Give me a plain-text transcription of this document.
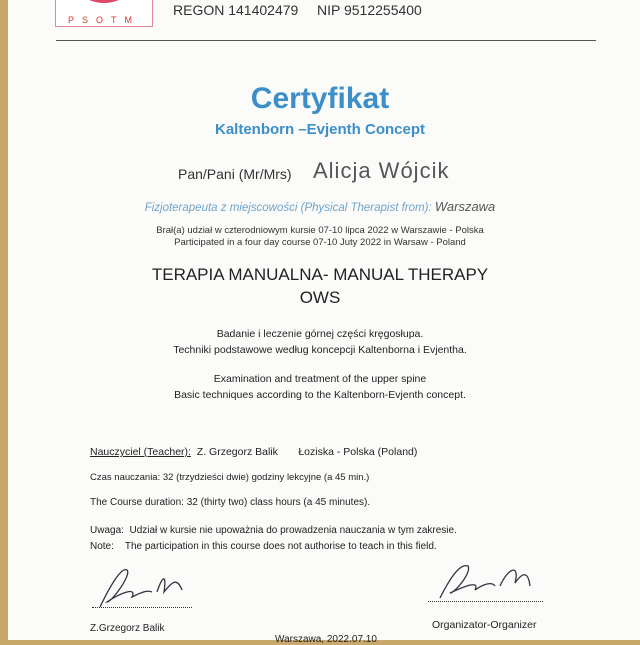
PSOTM
REGON 141402479 NIP 9512255400
Certyfikat
Kaltenborn –Evjenth Concept
Pan/Pani (Mr/Mrs) Alicja Wójcik
Fizjoterapeuta z miejscowości (Physical Therapist from): Warszawa
Brał(a) udział w czterodniowym kursie 07-10 lipca 2022 w Warszawie - Polska
Participated in a four day course 07-10 Juty 2022 in Warsaw - Poland
TERAPIA MANUALNA- MANUAL THERAPY
OWS
Badanie i leczenie górnej części kręgosłupa.
Techniki podstawowe według koncepcji Kaltenborna i Evjentha.
Examination and treatment of the upper spine
Basic techniques according to the Kaltenborn-Evjenth concept.
Nauczyciel (Teacher): Z. Grzegorz Balik       Łoziska - Polska (Poland)
Czas nauczania: 32 (trzydzieści dwie) godziny lekcyjne (a 45 min.)
The Course duration: 32 (thirty two) class hours (a 45 minutes).
Uwaga: Udział w kursie nie upoważnia do prowadzenia nauczania w tym zakresie.
Note: The participation in this course does not authorise to teach in this field.
Z.Grzegorz Balik	Organizator-Organizer
Warszawa, 2022.07.10
